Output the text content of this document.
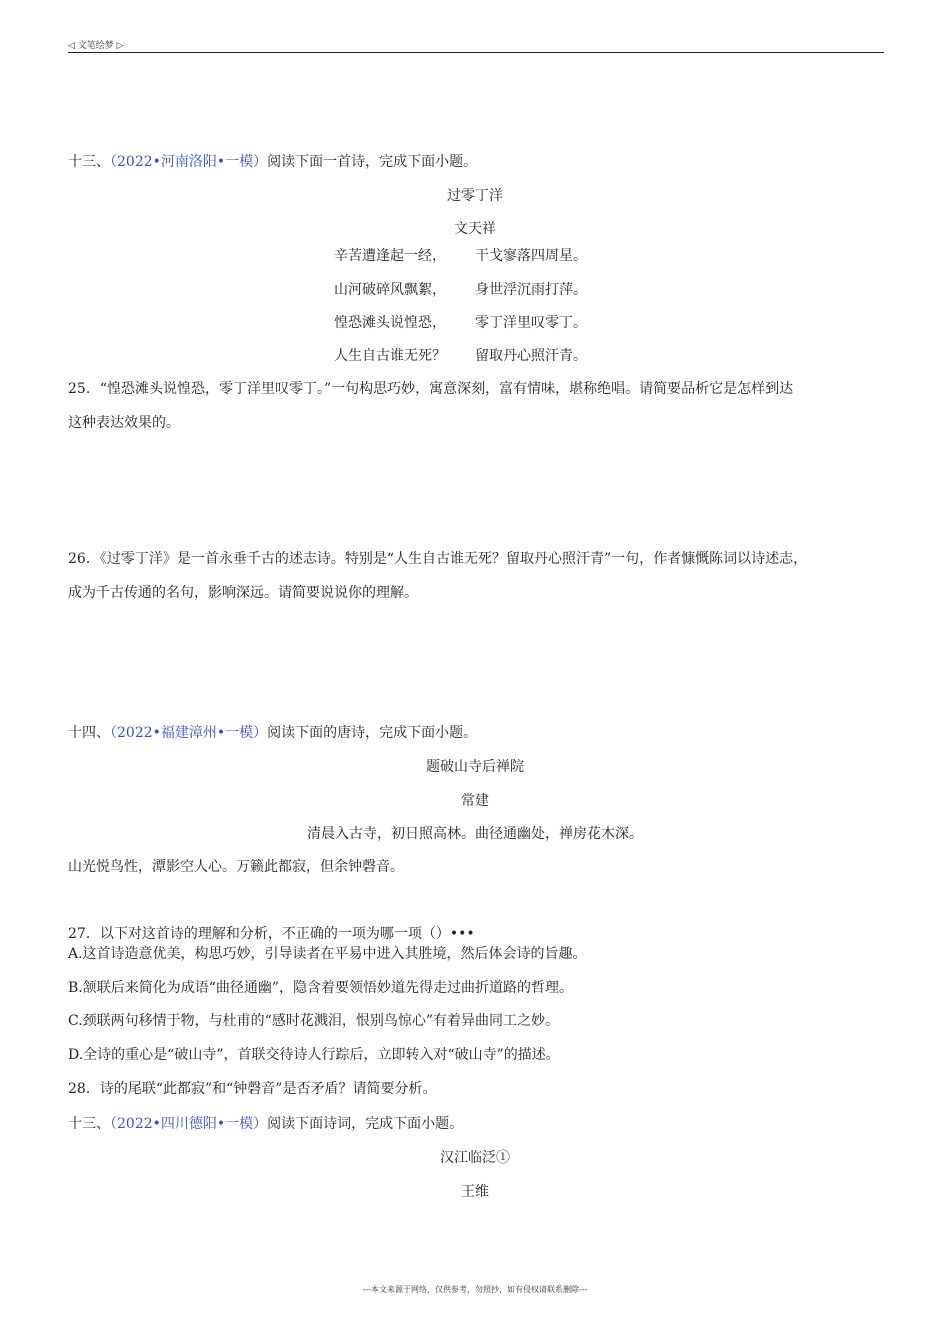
◁ 文笔绘梦 ▷
十三、（2022•河南洛阳•一模）阅读下面一首诗，完成下面小题。
过零丁洋
文天祥
辛苦遭逢起一经， 干戈寥落四周星。
山河破碎风飘絮， 身世浮沉雨打萍。
惶恐滩头说惶恐， 零丁洋里叹零丁。
人生自古谁无死？ 留取丹心照汗青。
25．“惶恐滩头说惶恐，零丁洋里叹零丁。”一句构思巧妙，寓意深刻，富有情味，堪称绝唱。请简要品析它是怎样到达
这种表达效果的。
26．《过零丁洋》是一首永垂千古的述志诗。特别是“人生自古谁无死？留取丹心照汗青”一句，作者慷慨陈词以诗述志，
成为千古传通的名句，影响深远。请简要说说你的理解。
十四、（2022•福建漳州•一模）阅读下面的唐诗，完成下面小题。
题破山寺后禅院
常建
清晨入古寺，初日照高林。曲径通幽处，禅房花木深。
山光悦鸟性，潭影空人心。万籁此都寂，但余钟磬音。
27．以下对这首诗的理解和分析，不正确的一项为哪一项（）•••
A.这首诗造意优美，构思巧妙，引导读者在平易中进入其胜境，然后体会诗的旨趣。
B.颔联后来简化为成语“曲径通幽”，隐含着要领悟妙道先得走过曲折道路的哲理。
C.颈联两句移情于物，与杜甫的“感时花溅泪，恨别鸟惊心”有着异曲同工之妙。
D.全诗的重心是“破山寺”，首联交待诗人行踪后，立即转入对“破山寺”的描述。
28．诗的尾联“此都寂”和“钟磬音”是否矛盾？请简要分析。
十三、（2022•四川德阳•一模）阅读下面诗词，完成下面小题。
汉江临泛①
王维
---本文来源于网络，仅供参考，勿照抄，如有侵权请联系删除---
